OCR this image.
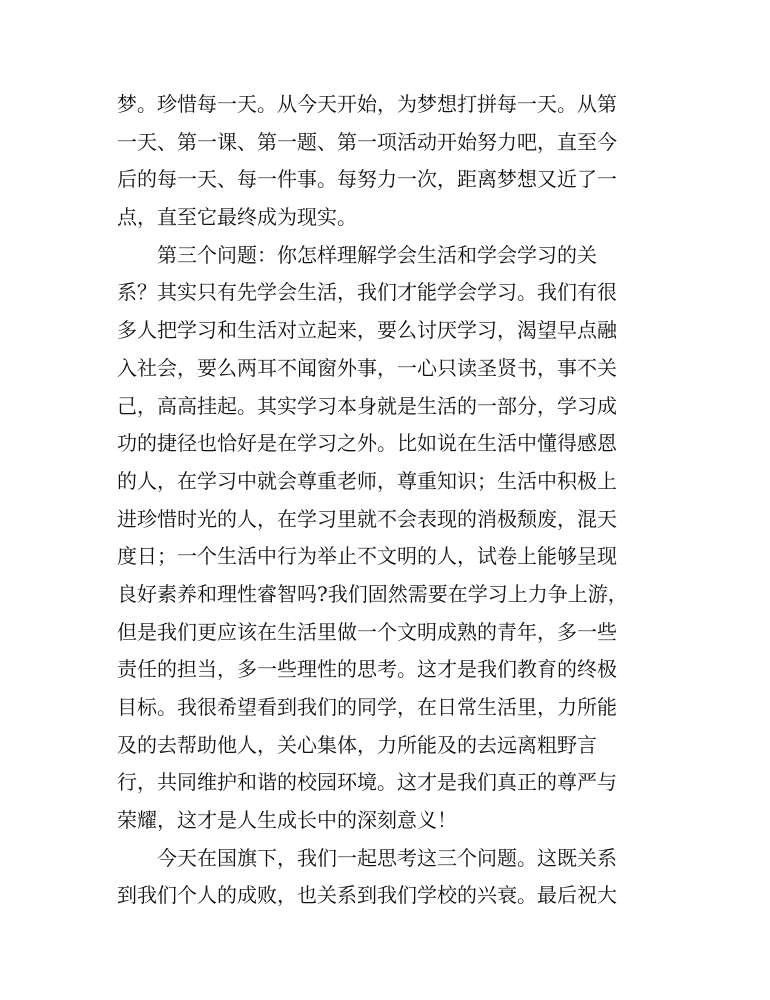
梦。珍惜每一天。从今天开始，为梦想打拼每一天。从第
一天、第一课、第一题、第一项活动开始努力吧，直至今
后的每一天、每一件事。每努力一次，距离梦想又近了一
点，直至它最终成为现实。
第三个问题：你怎样理解学会生活和学会学习的关
系？其实只有先学会生活，我们才能学会学习。我们有很
多人把学习和生活对立起来，要么讨厌学习，渴望早点融
入社会，要么两耳不闻窗外事，一心只读圣贤书，事不关
己，高高挂起。其实学习本身就是生活的一部分，学习成
功的捷径也恰好是在学习之外。比如说在生活中懂得感恩
的人，在学习中就会尊重老师，尊重知识；生活中积极上
进珍惜时光的人，在学习里就不会表现的消极颓废，混天
度日；一个生活中行为举止不文明的人，试卷上能够呈现
良好素养和理性睿智吗?我们固然需要在学习上力争上游，
但是我们更应该在生活里做一个文明成熟的青年，多一些
责任的担当，多一些理性的思考。这才是我们教育的终极
目标。我很希望看到我们的同学，在日常生活里，力所能
及的去帮助他人，关心集体，力所能及的去远离粗野言
行，共同维护和谐的校园环境。这才是我们真正的尊严与
荣耀，这才是人生成长中的深刻意义！
今天在国旗下，我们一起思考这三个问题。这既关系
到我们个人的成败，也关系到我们学校的兴衰。最后祝大
